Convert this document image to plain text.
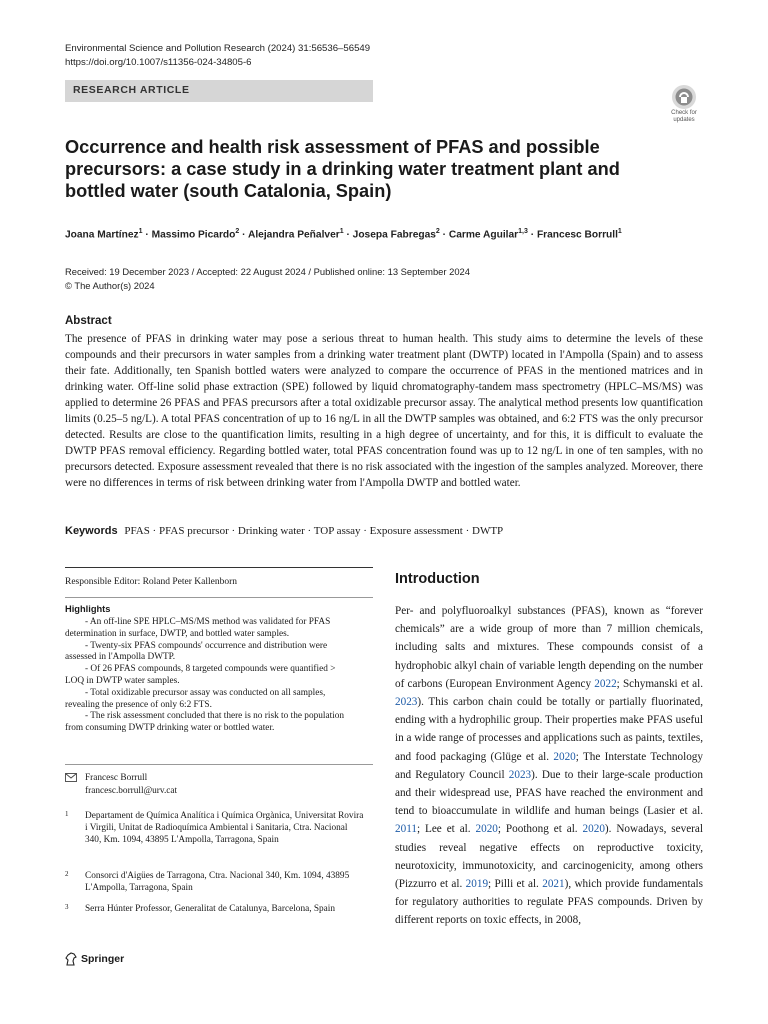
Environmental Science and Pollution Research (2024) 31:56536–56549
https://doi.org/10.1007/s11356-024-34805-6
RESEARCH ARTICLE
Check for
updates
Occurrence and health risk assessment of PFAS and possible precursors: a case study in a drinking water treatment plant and bottled water (south Catalonia, Spain)
Joana Martínez$^1$ · Massimo Picardo$^2$ · Alejandra Peñalver$^1$ · Josepa Fabregas$^2$ · Carme Aguilar$^{1,3}$ · Francesc Borrull$^1$
Received: 19 December 2023 / Accepted: 22 August 2024 / Published online: 13 September 2024
© The Author(s) 2024
Abstract

The presence of PFAS in drinking water may pose a serious threat to human health. This study aims to determine the levels of these compounds and their precursors in water samples from a drinking water treatment plant (DWTP) located in l'Ampolla (Spain) and to assess their fate. Additionally, ten Spanish bottled waters were analyzed to compare the occurrence of PFAS in the mentioned matrices and in drinking water. Off-line solid phase extraction (SPE) followed by liquid chromatography-tandem mass spectrometry (HPLC–MS/MS) was applied to determine 26 PFAS and PFAS precursors after a total oxidizable precursor assay. The analytical method presents low quantification limits (0.25–5 ng/L). A total PFAS concentration of up to 16 ng/L in all the DWTP samples was obtained, and 6:2 FTS was the only precursor detected. Results are close to the quantification limits, resulting in a high degree of uncertainty, and for this, it is difficult to evaluate the DWTP PFAS removal efficiency. Regarding bottled water, total PFAS concentration found was up to 12 ng/L in one of ten samples, with no precursors detected. Exposure assessment revealed that there is no risk associated with the ingestion of the samples analyzed. Moreover, there were no differences in terms of risk between drinking water from l'Ampolla DWTP and bottled water.

Keywords PFAS · PFAS precursor · Drinking water · TOP assay · Exposure assessment · DWTP
Responsible Editor: Roland Peter Kallenborn
Highlights
- An off-line SPE HPLC–MS/MS method was validated for PFAS determination in surface, DWTP, and bottled water samples.
- Twenty-six PFAS compounds' occurrence and distribution were assessed in l'Ampolla DWTP.
- Of 26 PFAS compounds, 8 targeted compounds were quantified > LOQ in DWTP water samples.
- Total oxidizable precursor assay was conducted on all samples, revealing the presence of only 6:2 FTS.
- The risk assessment concluded that there is no risk to the population from consuming DWTP drinking water or bottled water.
Francesc Borrull
francesc.borrull@urv.cat
1 Departament de Química Analítica i Química Orgànica, Universitat Rovira i Virgili, Unitat de Radioquímica Ambiental i Sanitaria, Ctra. Nacional 340, Km. 1094, 43895 L'Ampolla, Tarragona, Spain
2 Consorci d'Aigües de Tarragona, Ctra. Nacional 340, Km. 1094, 43895 L'Ampolla, Tarragona, Spain
3 Serra Húnter Professor, Generalitat de Catalunya, Barcelona, Spain
Springer
Introduction

Per- and polyfluoroalkyl substances (PFAS), known as “forever chemicals” are a wide group of more than 7 million chemicals, including salts and mixtures. These compounds consist of a hydrophobic alkyl chain of variable length depending on the number of carbons (European Environment Agency 2022; Schymanski et al. 2023). This carbon chain could be totally or partially fluorinated, ending with a hydrophilic group. Their properties make PFAS useful in a wide range of processes and applications such as paints, textiles, and food packaging (Glüge et al. 2020; The Interstate Technology and Regulatory Council 2023). Due to their large-scale production and their widespread use, PFAS have reached the environment and tend to bioaccumulate in wildlife and human beings (Lasier et al. 2011; Lee et al. 2020; Poothong et al. 2020). Nowadays, several studies reveal negative effects on reproductive toxicity, neurotoxicity, immunotoxicity, and carcinogenicity, among others (Pizzurro et al. 2019; Pilli et al. 2021), which provide fundamentals for regulatory authorities to regulate PFAS compounds. Driven by different reports on toxic effects, in 2008,
